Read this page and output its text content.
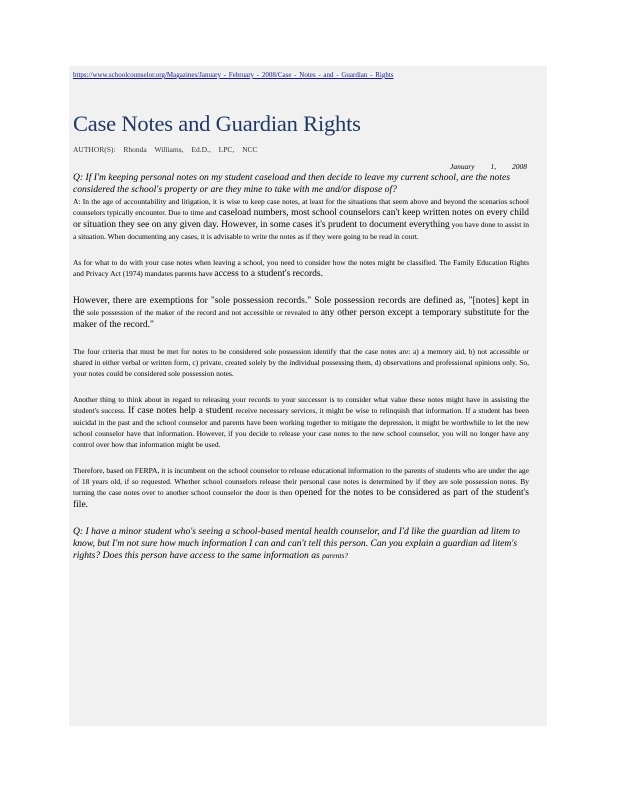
https://www.schoolcounselor.org/Magazines/January - February - 2008/Case - Notes - and - Guardian - Rights
Case Notes and Guardian Rights
AUTHOR(S): Rhonda Williams, Ed.D., LPC, NCC
January 1, 2008
Q: If I'm keeping personal notes on my student caseload and then decide to leave my current school, are the notes considered the school's property or are they mine to take with me and/or dispose of?
A: In the age of accountability and litigation, it is wise to keep case notes, at least for the situations that seem above and beyond the scenarios school counselors typically encounter. Due to time and caseload numbers, most school counselors can't keep written notes on every child or situation they see on any given day. However, in some cases it's prudent to document everything you have done to assist in a situation. When documenting any cases, it is advisable to write the notes as if they were going to be read in court.
As for what to do with your case notes when leaving a school, you need to consider how the notes might be classified. The Family Education Rights and Privacy Act (1974) mandates parents have access to a student's records.
However, there are exemptions for "sole possession records." Sole possession records are defined as, "[notes] kept in the sole possession of the maker of the record and not accessible or revealed to any other person except a temporary substitute for the maker of the record."
The four criteria that must be met for notes to be considered sole possession identify that the case notes are: a) a memory aid, b) not accessible or shared in either verbal or written form, c) private, created solely by the individual possessing them, d) observations and professional opinions only. So, your notes could be considered sole possession notes.
Another thing to think about in regard to releasing your records to your successor is to consider what value these notes might have in assisting the student's success. If case notes help a student receive necessary services, it might be wise to relinquish that information. If a student has been suicidal in the past and the school counselor and parents have been working together to mitigate the depression, it might be worthwhile to let the new school counselor have that information. However, if you decide to release your case notes to the new school counselor, you will no longer have any control over how that information might be used.
Therefore, based on FERPA, it is incumbent on the school counselor to release educational information to the parents of students who are under the age of 18 years old, if so requested. Whether school counselors release their personal case notes is determined by if they are sole possession notes. By turning the case notes over to another school counselor the door is then opened for the notes to be considered as part of the student's file.
Q: I have a minor student who's seeing a school-based mental health counselor, and I'd like the guardian ad litem to know, but I'm not sure how much information I can and can't tell this person. Can you explain a guardian ad litem's rights? Does this person have access to the same information as parents?
